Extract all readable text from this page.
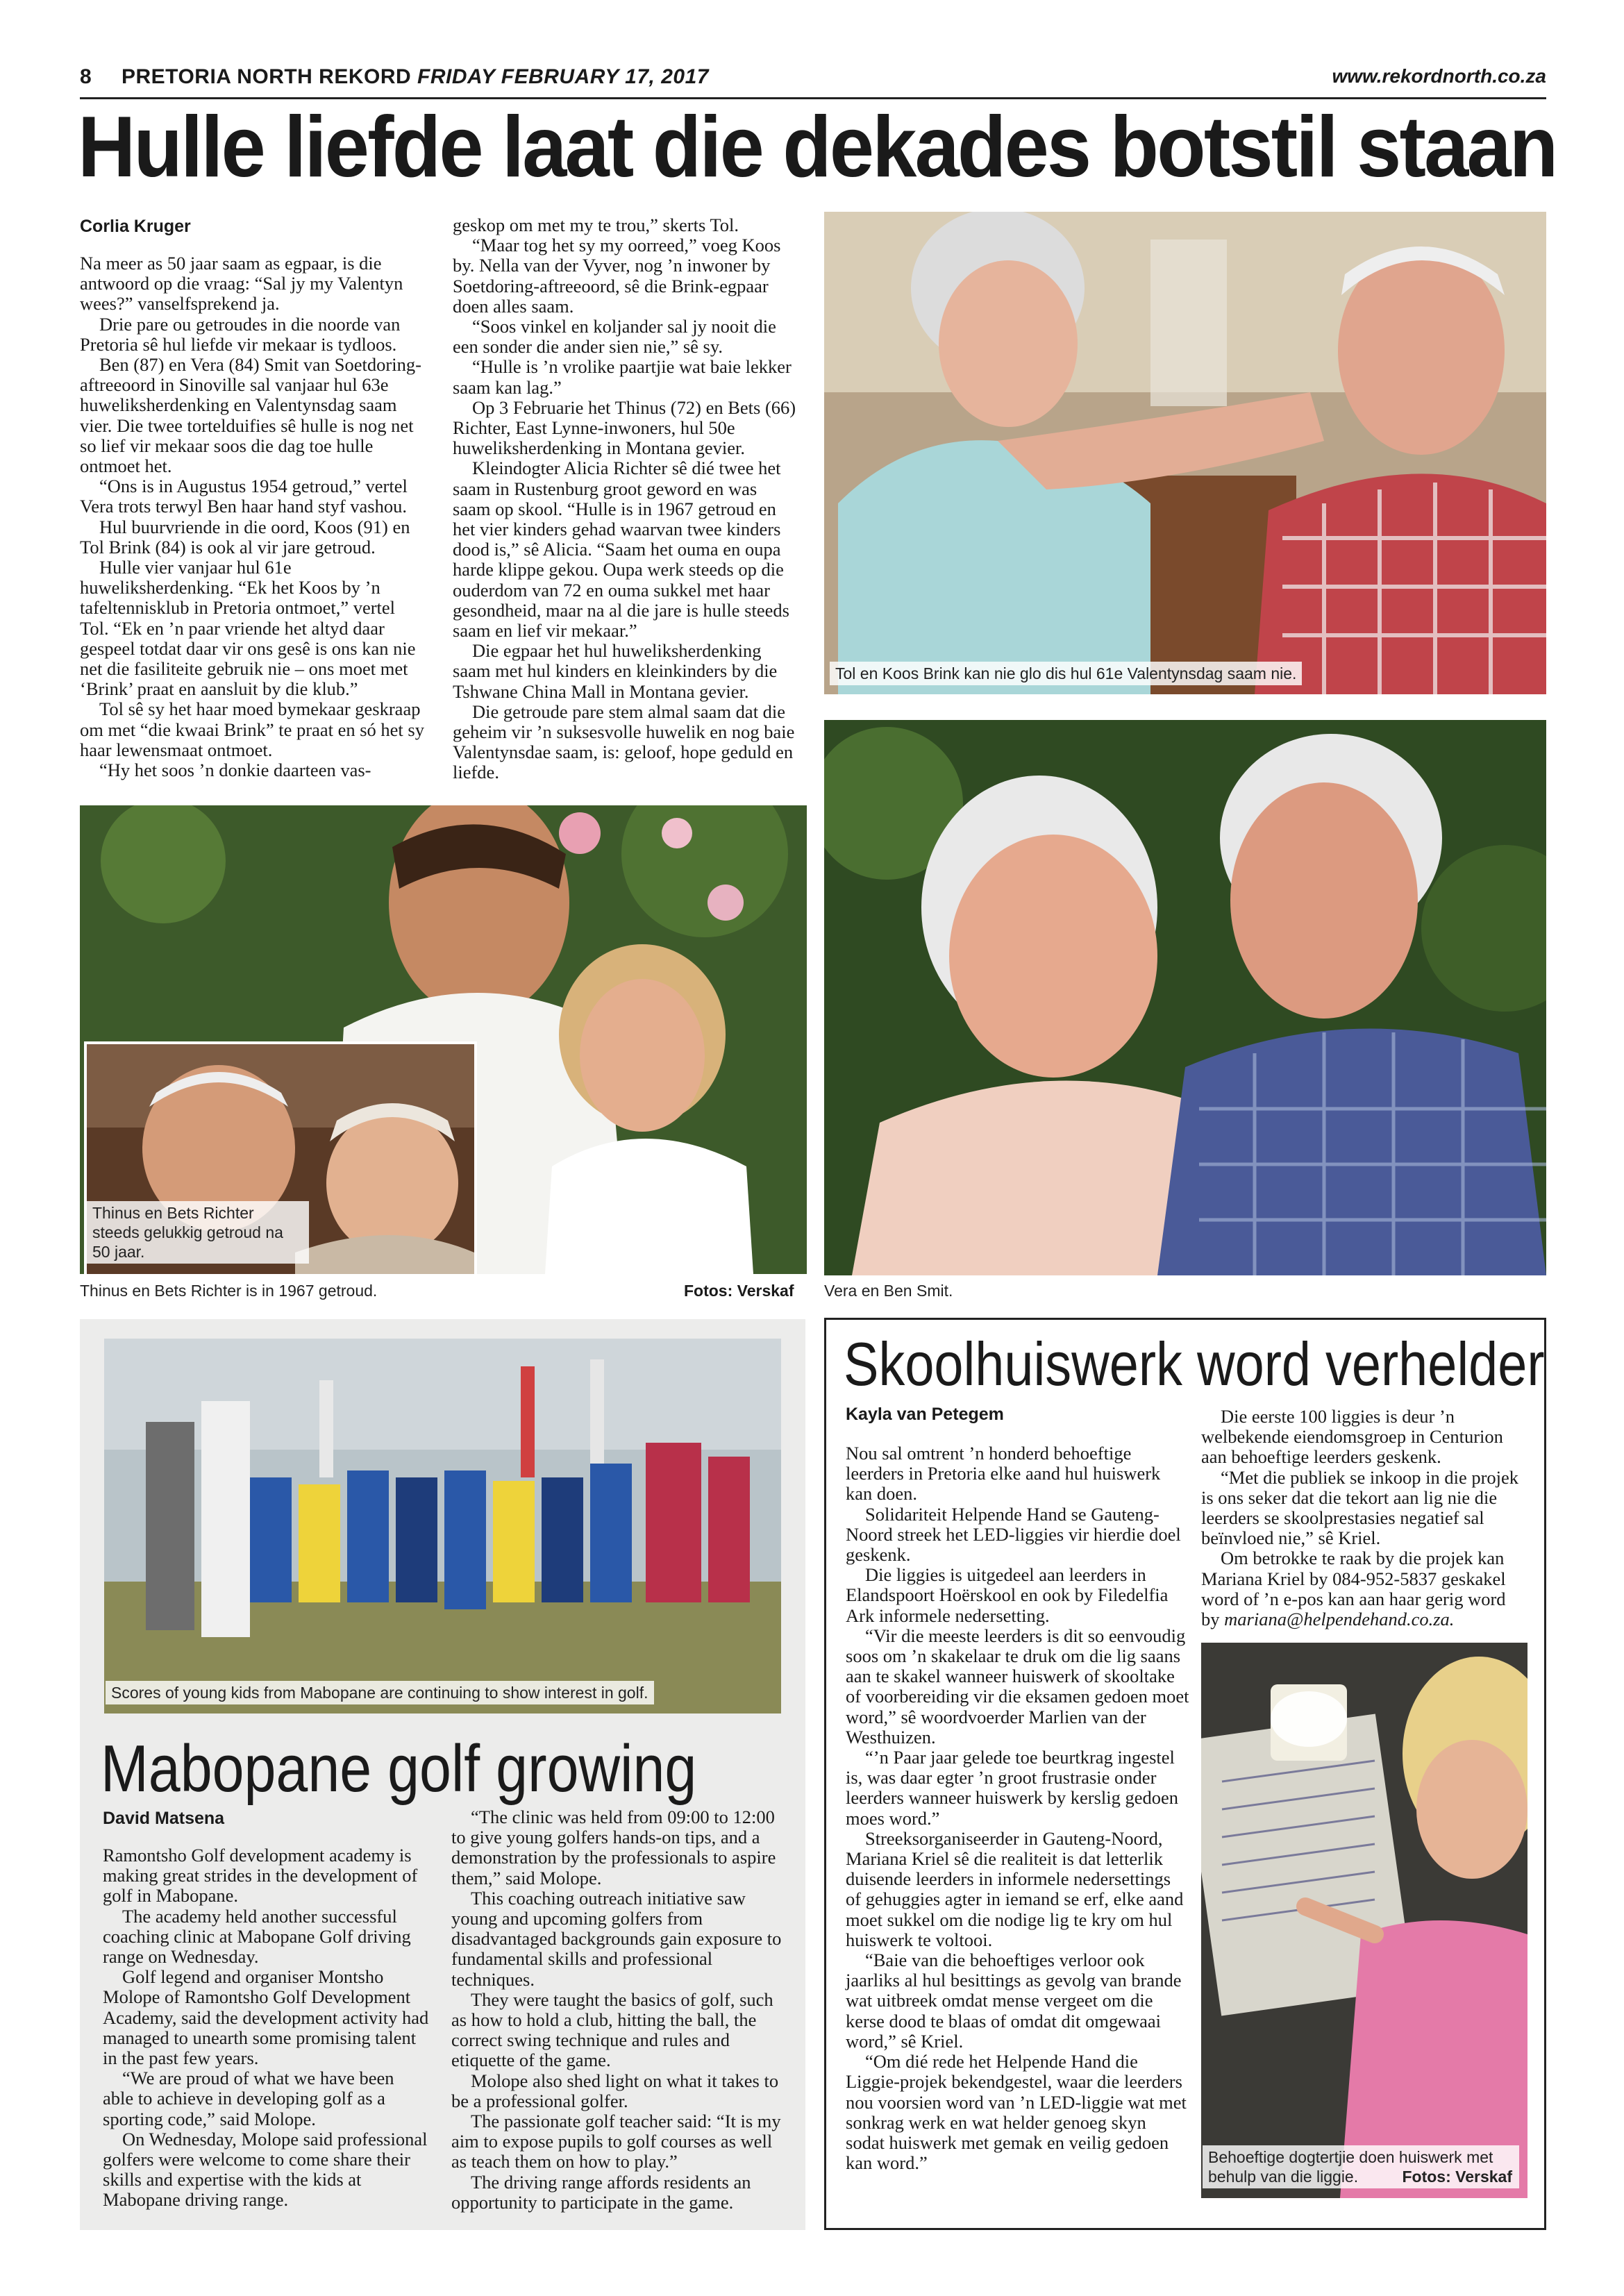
8 PRETORIA NORTH REKORD FRIDAY FEBRUARY 17, 2017	www.rekordnorth.co.za
Hulle liefde laat die dekades botstil staan
Corlia Kruger

Na meer as 50 jaar saam as egpaar, is die antwoord op die vraag: “Sal jy my Valentyn wees?” vanselfsprekend ja.

Drie pare ou getroudes in die noorde van Pretoria sê hul liefde vir mekaar is tydloos.

Ben (87) en Vera (84) Smit van Soetdoring-aftreeoord in Sinoville sal vanjaar hul 63e huweliksherdenking en Valentynsdag saam vier. Die twee tortelduifies sê hulle is nog net so lief vir mekaar soos die dag toe hulle ontmoet het.

“Ons is in Augustus 1954 getroud,” vertel Vera trots terwyl Ben haar hand styf vashou.

Hul buurvriende in die oord, Koos (91) en Tol Brink (84) is ook al vir jare getroud.

Hulle vier vanjaar hul 61e huweliksherdenking. “Ek het Koos by ’n tafeltennisklub in Pretoria ontmoet,” vertel Tol. “Ek en ’n paar vriende het altyd daar gespeel totdat daar vir ons gesê is ons kan nie net die fasiliteite gebruik nie – ons moet met ‘Brink’ praat en aansluit by die klub.”

Tol sê sy het haar moed bymekaar geskraap om met “die kwaai Brink” te praat en só het sy haar lewensmaat ontmoet.

“Hy het soos ’n donkie daarteen vas-

geskop om met my te trou,” skerts Tol.

“Maar tog het sy my oorreed,” voeg Koos by. Nella van der Vyver, nog ’n inwoner by Soetdoring-aftreeoord, sê die Brink-egpaar doen alles saam.

“Soos vinkel en koljander sal jy nooit die een sonder die ander sien nie,” sê sy.

“Hulle is ’n vrolike paartjie wat baie lekker saam kan lag.”

Op 3 Februarie het Thinus (72) en Bets (66) Richter, East Lynne-inwoners, hul 50e huweliksherdenking in Montana gevier.

Kleindogter Alicia Richter sê dié twee het saam in Rustenburg groot geword en was saam op skool. “Hulle is in 1967 getroud en het vier kinders gehad waarvan twee kinders dood is,” sê Alicia. “Saam het ouma en oupa harde klippe gekou. Oupa werk steeds op die ouderdom van 72 en ouma sukkel met haar gesondheid, maar na al die jare is hulle steeds saam en lief vir mekaar.”

Die egpaar het hul huweliksherdenking saam met hul kinders en kleinkinders by die Tshwane China Mall in Montana gevier.

Die getroude pare stem almal saam dat die geheim vir ’n suksesvolle huwelik en nog baie Valentynsdae saam, is: geloof, hope geduld en liefde.

Tol en Koos Brink kan nie glo dis hul 61e Valentynsdag saam nie.
Thinus en Bets Richter steeds gelukkig getroud na 50 jaar.
Thinus en Bets Richter is in 1967 getroud.	Fotos: Verskaf Vera en Ben Smit.
Scores of young kids from Mabopane are continuing to show interest in golf.
Mabopane golf growing
David Matsena

Ramontsho Golf development academy is making great strides in the development of golf in Mabopane.

The academy held another successful coaching clinic at Mabopane Golf driving range on Wednesday.

Golf legend and organiser Montsho Molope of Ramontsho Golf Development Academy, said the development activity had managed to unearth some promising talent in the past few years.

“We are proud of what we have been able to achieve in developing golf as a sporting code,” said Molope.

On Wednesday, Molope said professional golfers were welcome to come share their skills and expertise with the kids at Mabopane driving range.

“The clinic was held from 09:00 to 12:00 to give young golfers hands-on tips, and a demonstration by the professionals to aspire them,” said Molope.

This coaching outreach initiative saw young and upcoming golfers from disadvantaged backgrounds gain exposure to fundamental skills and professional techniques.

They were taught the basics of golf, such as how to hold a club, hitting the ball, the correct swing technique and rules and etiquette of the game.

Molope also shed light on what it takes to be a professional golfer.

The passionate golf teacher said: “It is my aim to expose pupils to golf courses as well as teach them on how to play.”

The driving range affords residents an opportunity to participate in the game.

Skoolhuiswerk word verhelder
Kayla van Petegem

Nou sal omtrent ’n honderd behoeftige leerders in Pretoria elke aand hul huiswerk kan doen.

Solidariteit Helpende Hand se Gauteng-Noord streek het LED-liggies vir hierdie doel geskenk.

Die liggies is uitgedeel aan leerders in Elandspoort Hoërskool en ook by Filedelfia Ark informele nedersetting.

“Vir die meeste leerders is dit so eenvoudig soos om ’n skakelaar te druk om die lig saans aan te skakel wanneer huiswerk of skooltake of voorbereiding vir die eksamen gedoen moet word,” sê woordvoerder Marlien van der Westhuizen.

“’n Paar jaar gelede toe beurtkrag ingestel is, was daar egter ’n groot frustrasie onder leerders wanneer huiswerk by kerslig gedoen moes word.”

Streeksorganiseerder in Gauteng-Noord, Mariana Kriel sê die realiteit is dat letterlik duisende leerders in informele nedersettings of gehuggies agter in iemand se erf, elke aand moet sukkel om die nodige lig te kry om hul huiswerk te voltooi.

“Baie van die behoeftiges verloor ook jaarliks al hul besittings as gevolg van brande wat uitbreek omdat mense vergeet om die kerse dood te blaas of omdat dit omgewaai word,” sê Kriel.

“Om dié rede het Helpende Hand die Liggie-projek bekendgestel, waar die leerders nou voorsien word van ’n LED-liggie wat met sonkrag werk en wat helder genoeg skyn sodat huiswerk met gemak en veilig gedoen kan word.”

Die eerste 100 liggies is deur ’n welbekende eiendomsgroep in Centurion aan behoeftige leerders geskenk.

“Met die publiek se inkoop in die projek is ons seker dat die tekort aan lig nie die leerders se skoolprestasies negatief sal beïnvloed nie,” sê Kriel.

Om betrokke te raak by die projek kan Mariana Kriel by 084-952-5837 geskakel word of ’n e-pos kan aan haar gerig word by mariana@helpendehand.co.za.

Behoeftige dogtertjie doen huiswerk met behulp van die liggie.	Fotos: Verskaf
